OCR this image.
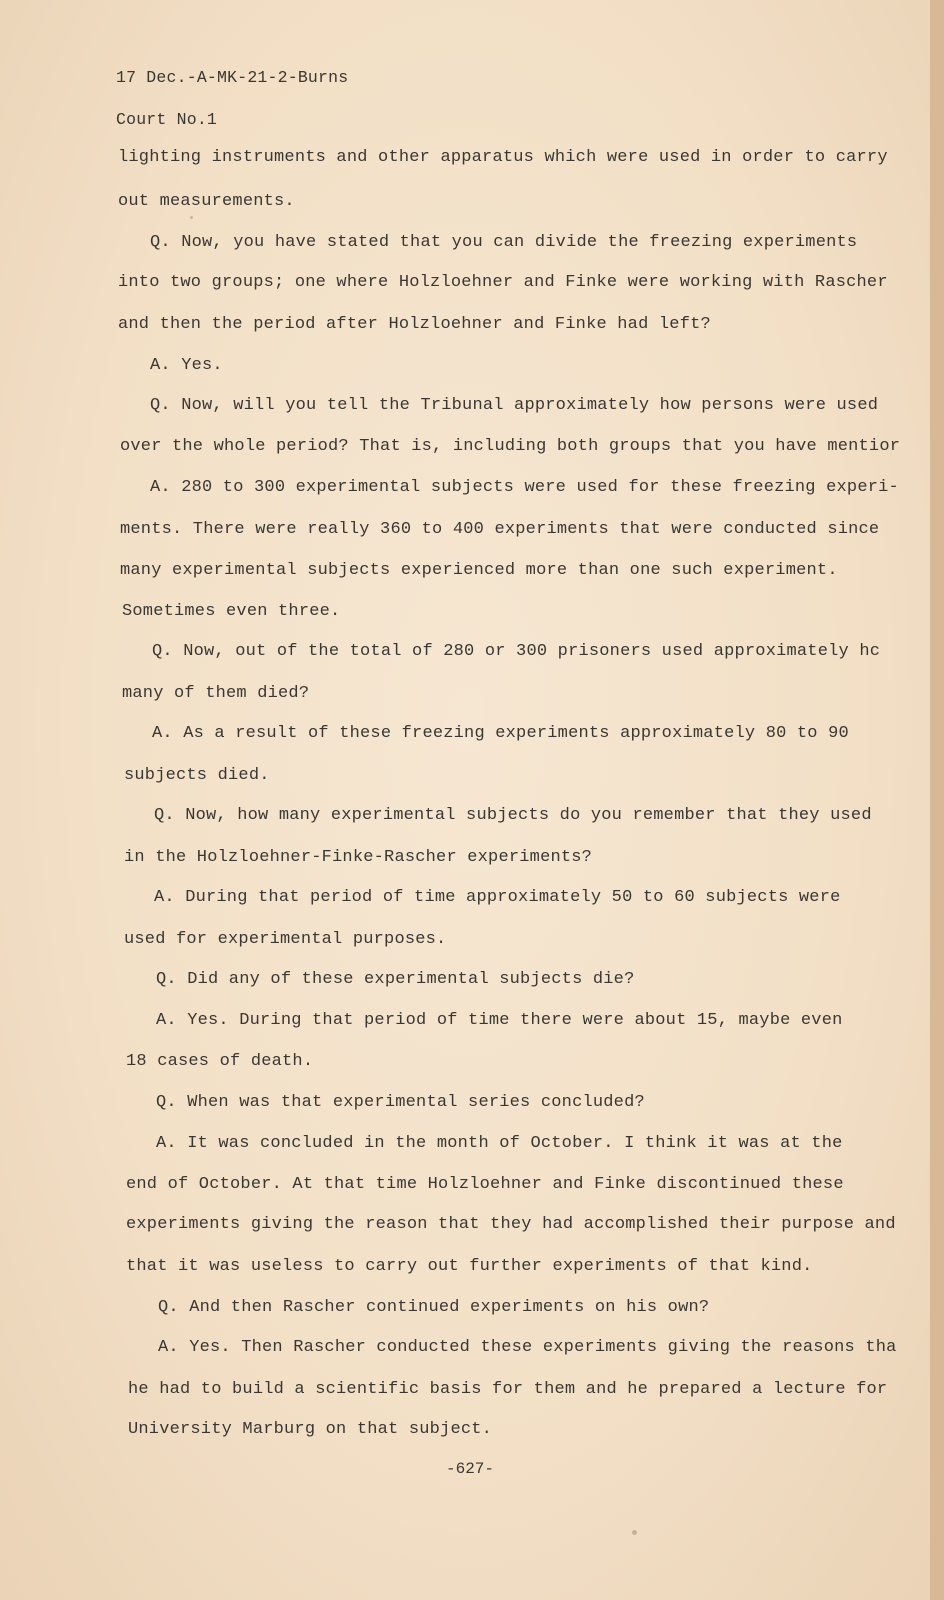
17 Dec.-A-MK-21-2-Burns
Court No.1
lighting instruments and other apparatus which were used in order to carry
out measurements.
Q. Now, you have stated that you can divide the freezing experiments
into two groups; one where Holzloehner and Finke were working with Rascher
and then the period after Holzloehner and Finke had left?
A. Yes.
Q. Now, will you tell the Tribunal approximately how persons were used
over the whole period? That is, including both groups that you have mentior
A. 280 to 300 experimental subjects were used for these freezing experi-
ments. There were really 360 to 400 experiments that were conducted since
many experimental subjects experienced more than one such experiment.
Sometimes even three.
Q. Now, out of the total of 280 or 300 prisoners used approximately hc
many of them died?
A. As a result of these freezing experiments approximately 80 to 90
subjects died.
Q. Now, how many experimental subjects do you remember that they used
in the Holzloehner-Finke-Rascher experiments?
A. During that period of time approximately 50 to 60 subjects were
used for experimental purposes.
Q. Did any of these experimental subjects die?
A. Yes. During that period of time there were about 15, maybe even
18 cases of death.
Q. When was that experimental series concluded?
A. It was concluded in the month of October. I think it was at the
end of October. At that time Holzloehner and Finke discontinued these
experiments giving the reason that they had accomplished their purpose and
that it was useless to carry out further experiments of that kind.
Q. And then Rascher continued experiments on his own?
A. Yes. Then Rascher conducted these experiments giving the reasons tha
he had to build a scientific basis for them and he prepared a lecture for
University Marburg on that subject.
-627-
